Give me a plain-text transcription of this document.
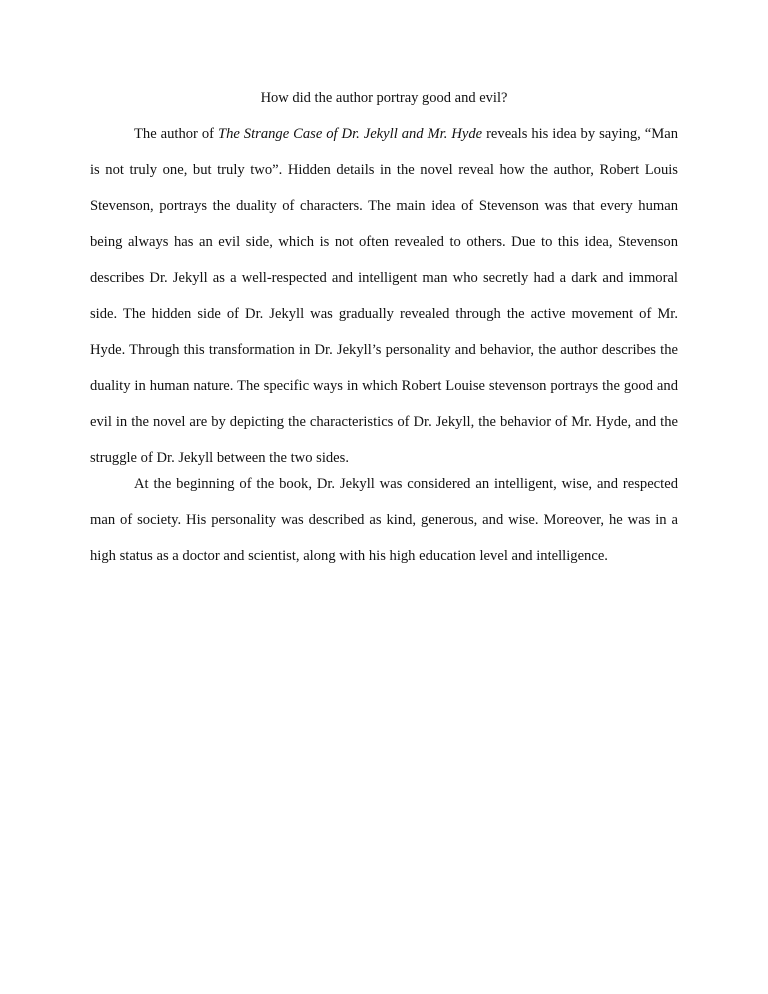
How did the author portray good and evil?

The author of The Strange Case of Dr. Jekyll and Mr. Hyde reveals his idea by saying, “Man is not truly one, but truly two”. Hidden details in the novel reveal how the author, Robert Louis Stevenson, portrays the duality of characters. The main idea of Stevenson was that every human being always has an evil side, which is not often revealed to others. Due to this idea, Stevenson describes Dr. Jekyll as a well-respected and intelligent man who secretly had a dark and immoral side. The hidden side of Dr. Jekyll was gradually revealed through the active movement of Mr. Hyde. Through this transformation in Dr. Jekyll’s personality and behavior, the author describes the duality in human nature. The specific ways in which Robert Louise stevenson portrays the good and evil in the novel are by depicting the characteristics of Dr. Jekyll, the behavior of Mr. Hyde, and the struggle of Dr. Jekyll between the two sides.

At the beginning of the book, Dr. Jekyll was considered an intelligent, wise, and respected man of society. His personality was described as kind, generous, and wise. Moreover, he was in a high status as a doctor and scientist, along with his high education level and intelligence.
